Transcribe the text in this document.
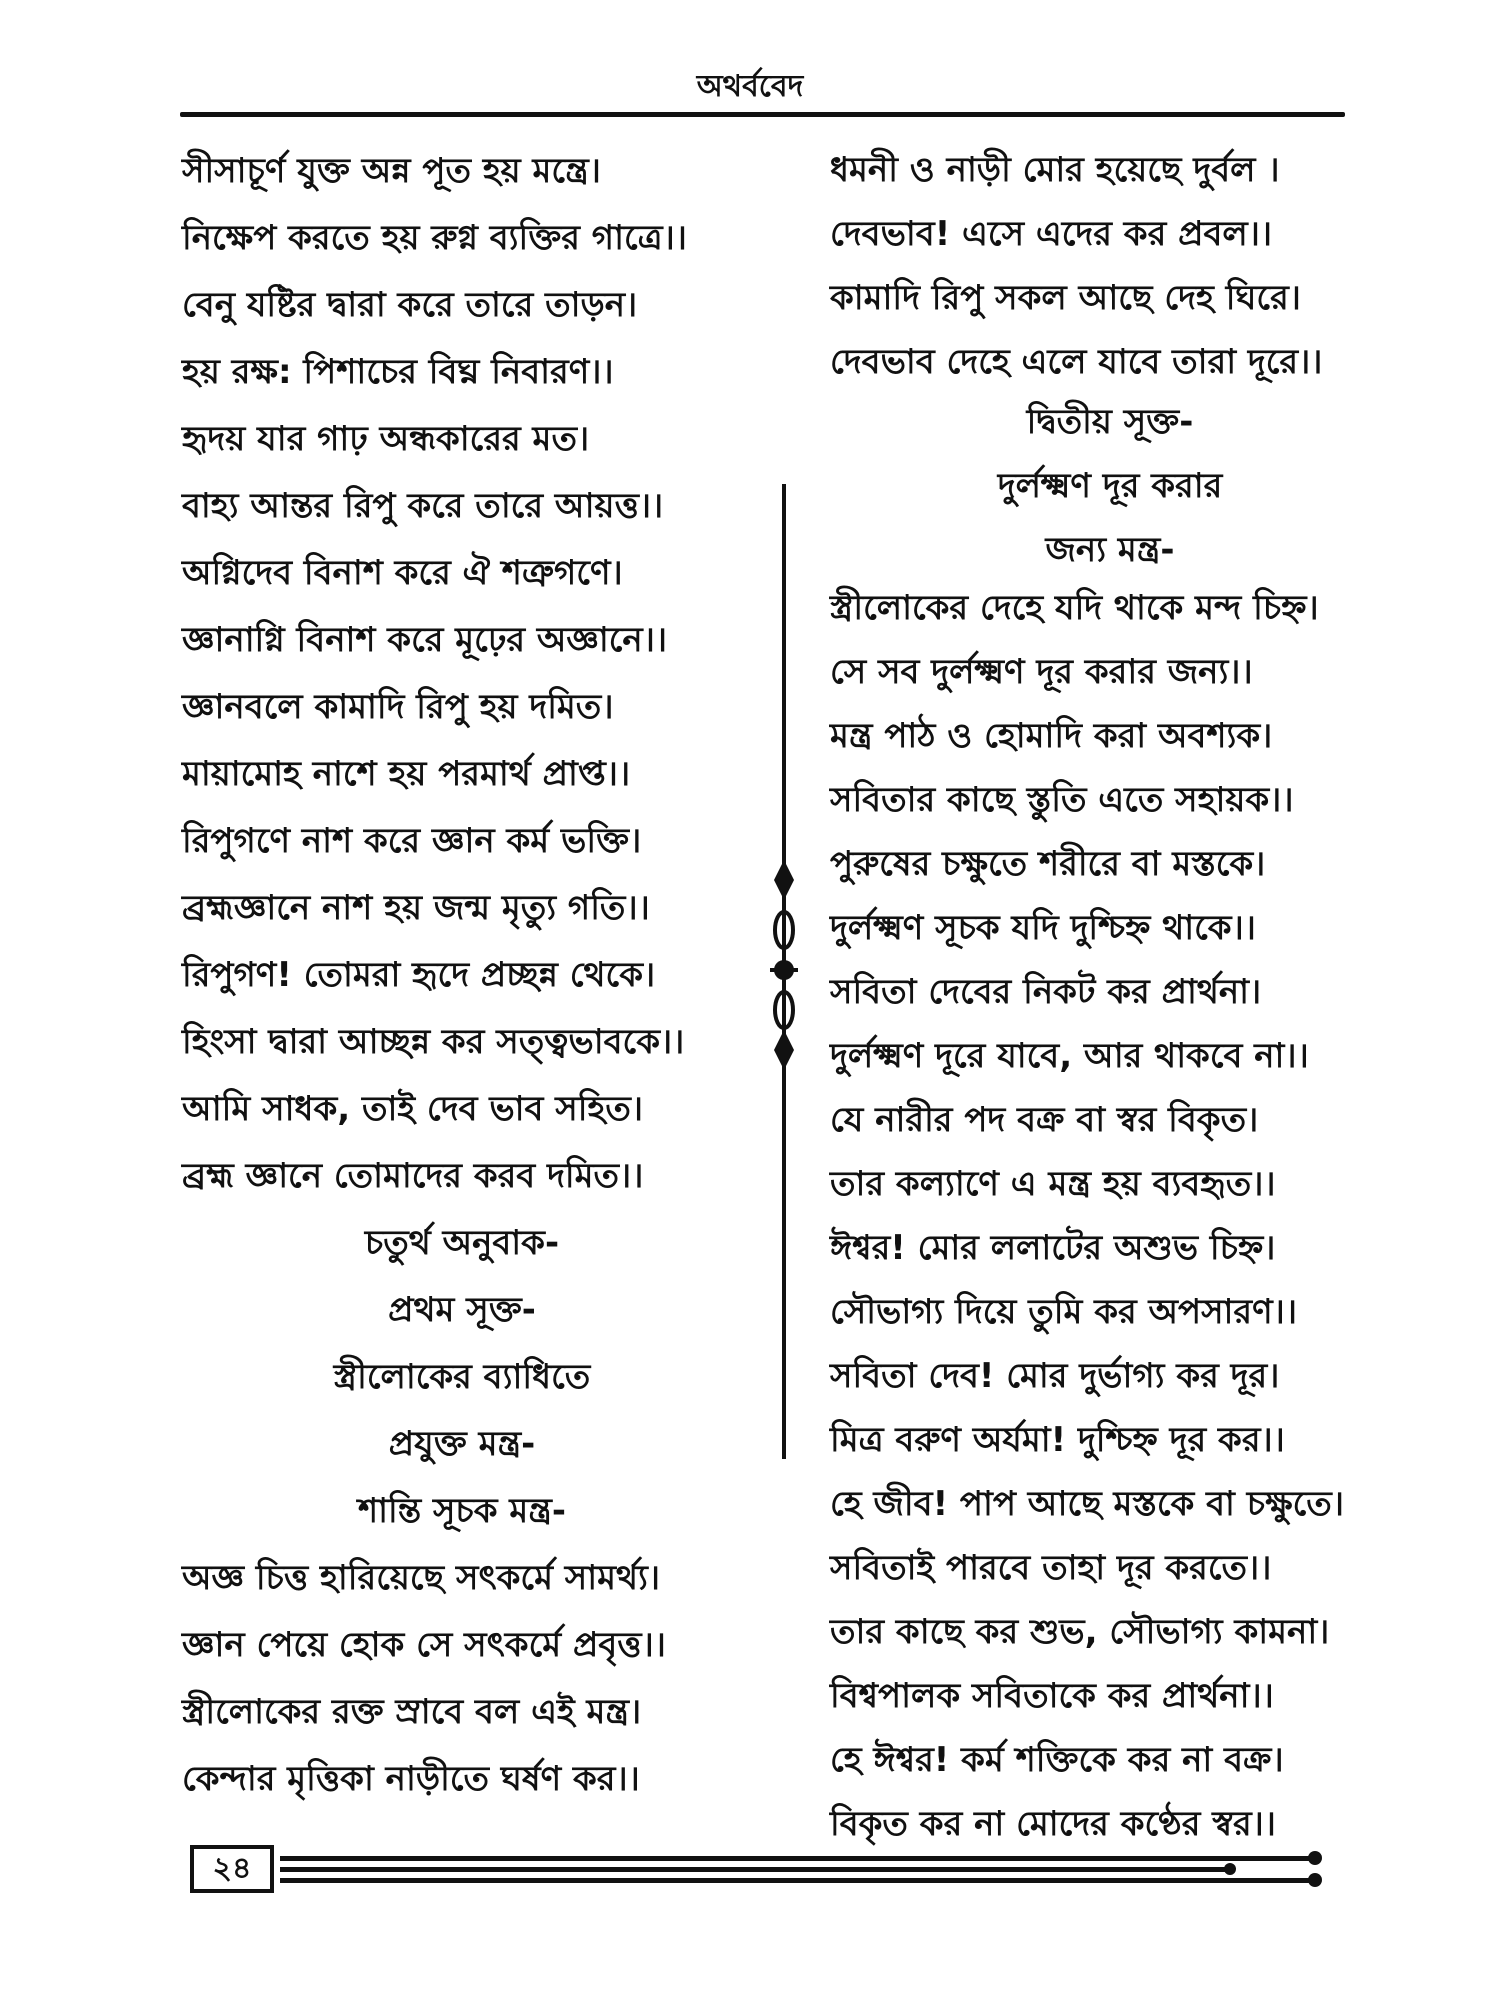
অথর্ববেদ
সীসাচূর্ণ যুক্ত অন্ন পূত হয় মন্ত্রে।
নিক্ষেপ করতে হয় রুগ্ন ব্যক্তির গাত্রে।।
বেনু যষ্টির দ্বারা করে তারে তাড়ন।
হয় রক্ষ: পিশাচের বিঘ্ন নিবারণ।।
হৃদয় যার গাঢ় অন্ধকারের মত।
বাহ্য আন্তর রিপু করে তারে আয়ত্ত।।
অগ্নিদেব বিনাশ করে ঐ শত্রুগণে।
জ্ঞানাগ্নি বিনাশ করে মূঢ়ের অজ্ঞানে।।
জ্ঞানবলে কামাদি রিপু হয় দমিত।
মায়ামোহ নাশে হয় পরমার্থ প্রাপ্ত।।
রিপুগণে নাশ করে জ্ঞান কর্ম ভক্তি।
ব্রহ্মজ্ঞানে নাশ হয় জন্ম মৃত্যু গতি।।
রিপুগণ! তোমরা হৃদে প্রচ্ছন্ন থেকে।
হিংসা দ্বারা আচ্ছন্ন কর সত্ত্বভাবকে।।
আমি সাধক, তাই দেব ভাব সহিত।
ব্রহ্ম জ্ঞানে তোমাদের করব দমিত।।
চতুর্থ অনুবাক-
প্রথম সূক্ত-
স্ত্রীলোকের ব্যাধিতে
প্রযুক্ত মন্ত্র-
শান্তি সূচক মন্ত্র-
অজ্ঞ চিত্ত হারিয়েছে সৎকর্মে সামর্থ্য।
জ্ঞান পেয়ে হোক সে সৎকর্মে প্রবৃত্ত।।
স্ত্রীলোকের রক্ত স্রাবে বল এই মন্ত্র।
কেন্দার মৃত্তিকা নাড়ীতে ঘর্ষণ কর।।
ধমনী ও নাড়ী মোর হয়েছে দুর্বল ।
দেবভাব! এসে এদের কর প্রবল।।
কামাদি রিপু সকল আছে দেহ ঘিরে।
দেবভাব দেহে এলে যাবে তারা দূরে।।
দ্বিতীয় সূক্ত-
দুর্লক্ষ্মণ দূর করার
জন্য মন্ত্র-
স্ত্রীলোকের দেহে যদি থাকে মন্দ চিহ্ন।
সে সব দুর্লক্ষ্মণ দূর করার জন্য।।
মন্ত্র পাঠ ও হোমাদি করা অবশ্যক।
সবিতার কাছে স্তুতি এতে সহায়ক।।
পুরুষের চক্ষুতে শরীরে বা মস্তকে।
দুর্লক্ষ্মণ সূচক যদি দুশ্চিহ্ন থাকে।।
সবিতা দেবের নিকট কর প্রার্থনা।
দুর্লক্ষ্মণ দূরে যাবে, আর থাকবে না।।
যে নারীর পদ বক্র বা স্বর বিকৃত।
তার কল্যাণে এ মন্ত্র হয় ব্যবহৃত।।
ঈশ্বর! মোর ললাটের অশুভ চিহ্ন।
সৌভাগ্য দিয়ে তুমি কর অপসারণ।।
সবিতা দেব! মোর দুর্ভাগ্য কর দূর।
মিত্র বরুণ অর্যমা! দুশ্চিহ্ন দূর কর।।
হে জীব! পাপ আছে মস্তকে বা চক্ষুতে।
সবিতাই পারবে তাহা দূর করতে।।
তার কাছে কর শুভ, সৌভাগ্য কামনা।
বিশ্বপালক সবিতাকে কর প্রার্থনা।।
হে ঈশ্বর! কর্ম শক্তিকে কর না বক্র।
বিকৃত কর না মোদের কণ্ঠের স্বর।।
২৪
